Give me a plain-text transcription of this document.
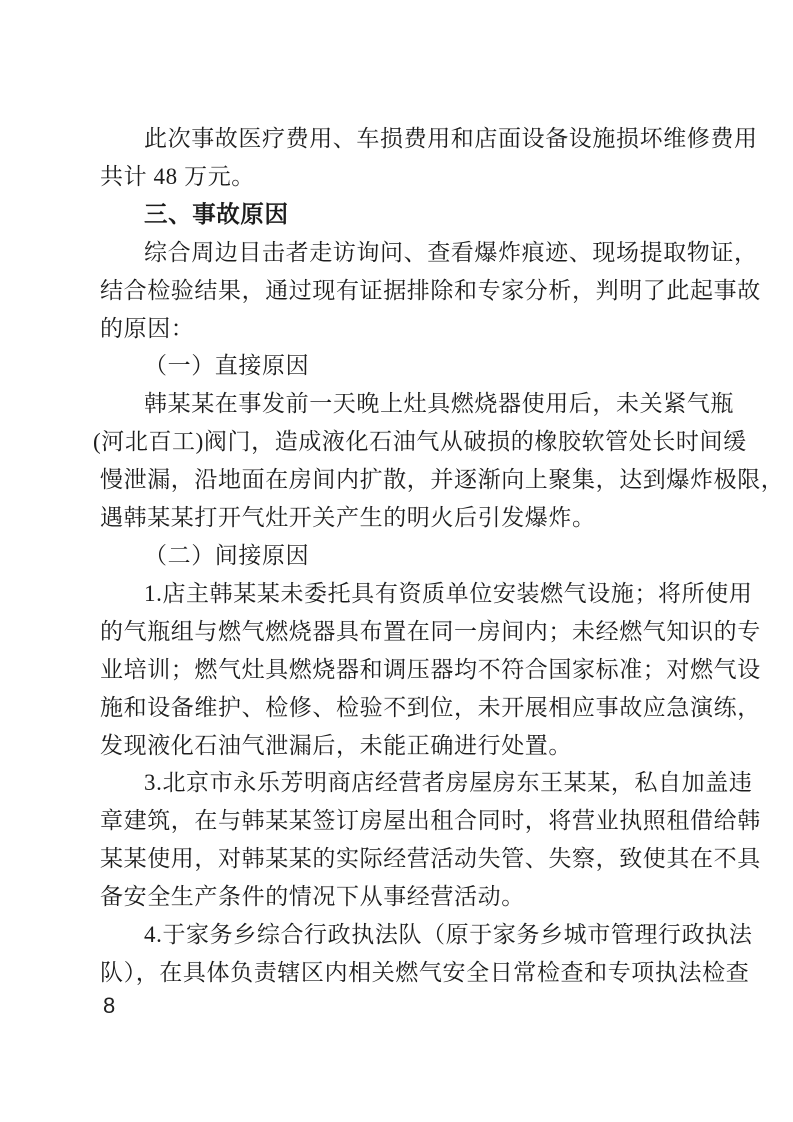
此次事故医疗费用、车损费用和店面设备设施损坏维修费用
共计 48 万元。
三、事故原因
综合周边目击者走访询问、查看爆炸痕迹、现场提取物证，
结合检验结果，通过现有证据排除和专家分析，判明了此起事故
的原因：
（一）直接原因
韩某某在事发前一天晚上灶具燃烧器使用后，未关紧气瓶
(河北百工)阀门，造成液化石油气从破损的橡胶软管处长时间缓
慢泄漏，沿地面在房间内扩散，并逐渐向上聚集，达到爆炸极限，
遇韩某某打开气灶开关产生的明火后引发爆炸。
（二）间接原因
1.店主韩某某未委托具有资质单位安装燃气设施；将所使用
的气瓶组与燃气燃烧器具布置在同一房间内；未经燃气知识的专
业培训；燃气灶具燃烧器和调压器均不符合国家标准；对燃气设
施和设备维护、检修、检验不到位，未开展相应事故应急演练，
发现液化石油气泄漏后，未能正确进行处置。
3.北京市永乐芳明商店经营者房屋房东王某某，私自加盖违
章建筑，在与韩某某签订房屋出租合同时，将营业执照租借给韩
某某使用，对韩某某的实际经营活动失管、失察，致使其在不具
备安全生产条件的情况下从事经营活动。
4.于家务乡综合行政执法队（原于家务乡城市管理行政执法
队），在具体负责辖区内相关燃气安全日常检查和专项执法检查
8
